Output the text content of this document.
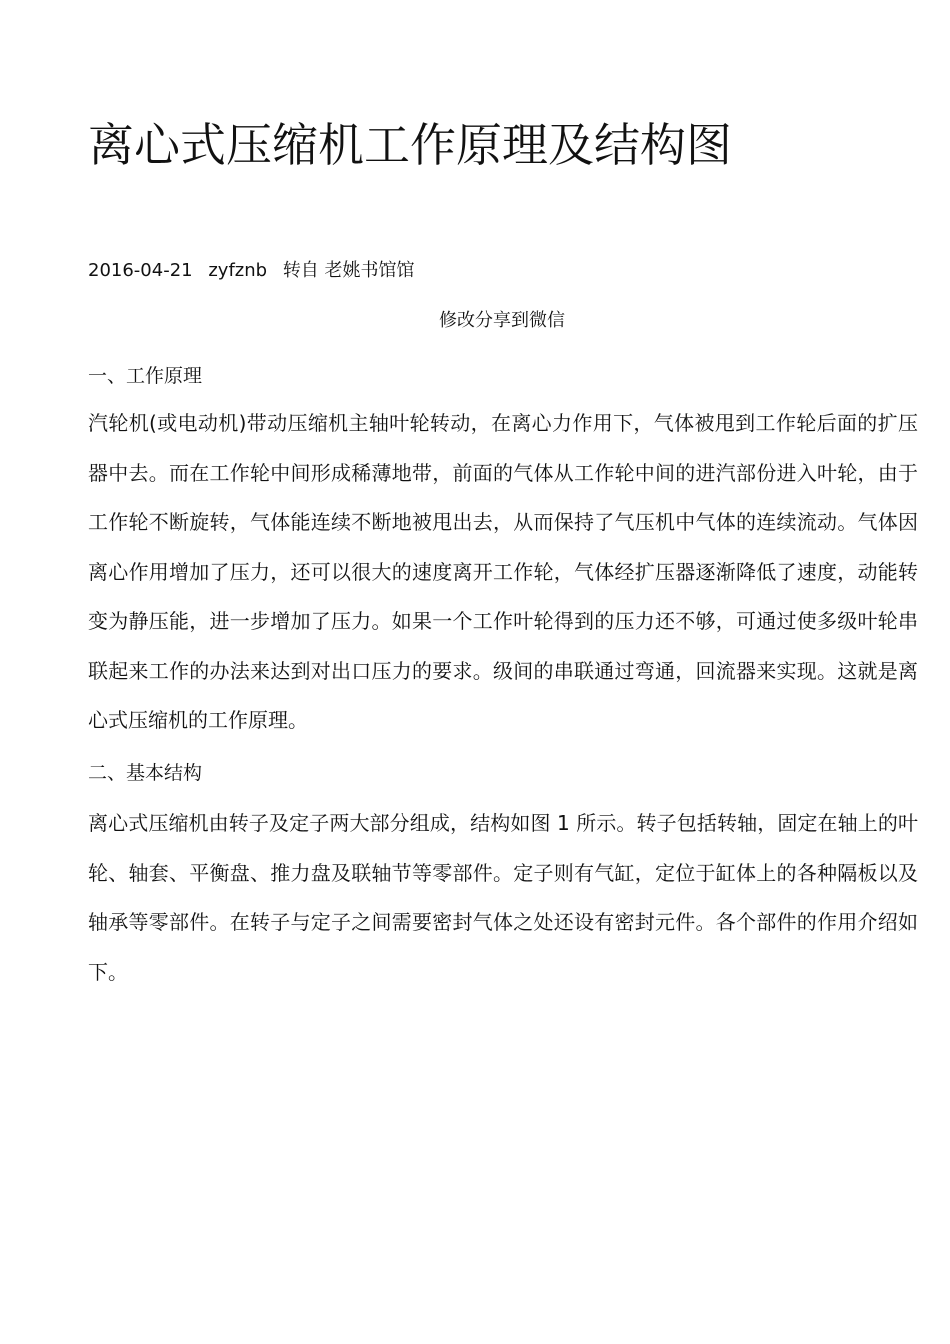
离心式压缩机工作原理及结构图
2016-04-21 zyfznb 转自 老姚书馆馆
修改分享到微信
一、工作原理

汽轮机(或电动机)带动压缩机主轴叶轮转动，在离心力作用下，气体被甩到工作轮后面的扩压器中去。而在工作轮中间形成稀薄地带，前面的气体从工作轮中间的进汽部份进入叶轮，由于工作轮不断旋转，气体能连续不断地被甩出去，从而保持了气压机中气体的连续流动。气体因离心作用增加了压力，还可以很大的速度离开工作轮，气体经扩压器逐渐降低了速度，动能转变为静压能，进一步增加了压力。如果一个工作叶轮得到的压力还不够，可通过使多级叶轮串联起来工作的办法来达到对出口压力的要求。级间的串联通过弯通，回流器来实现。这就是离心式压缩机的工作原理。

二、基本结构

离心式压缩机由转子及定子两大部分组成，结构如图 1 所示。转子包括转轴，固定在轴上的叶轮、轴套、平衡盘、推力盘及联轴节等零部件。定子则有气缸，定位于缸体上的各种隔板以及轴承等零部件。在转子与定子之间需要密封气体之处还设有密封元件。各个部件的作用介绍如下。
